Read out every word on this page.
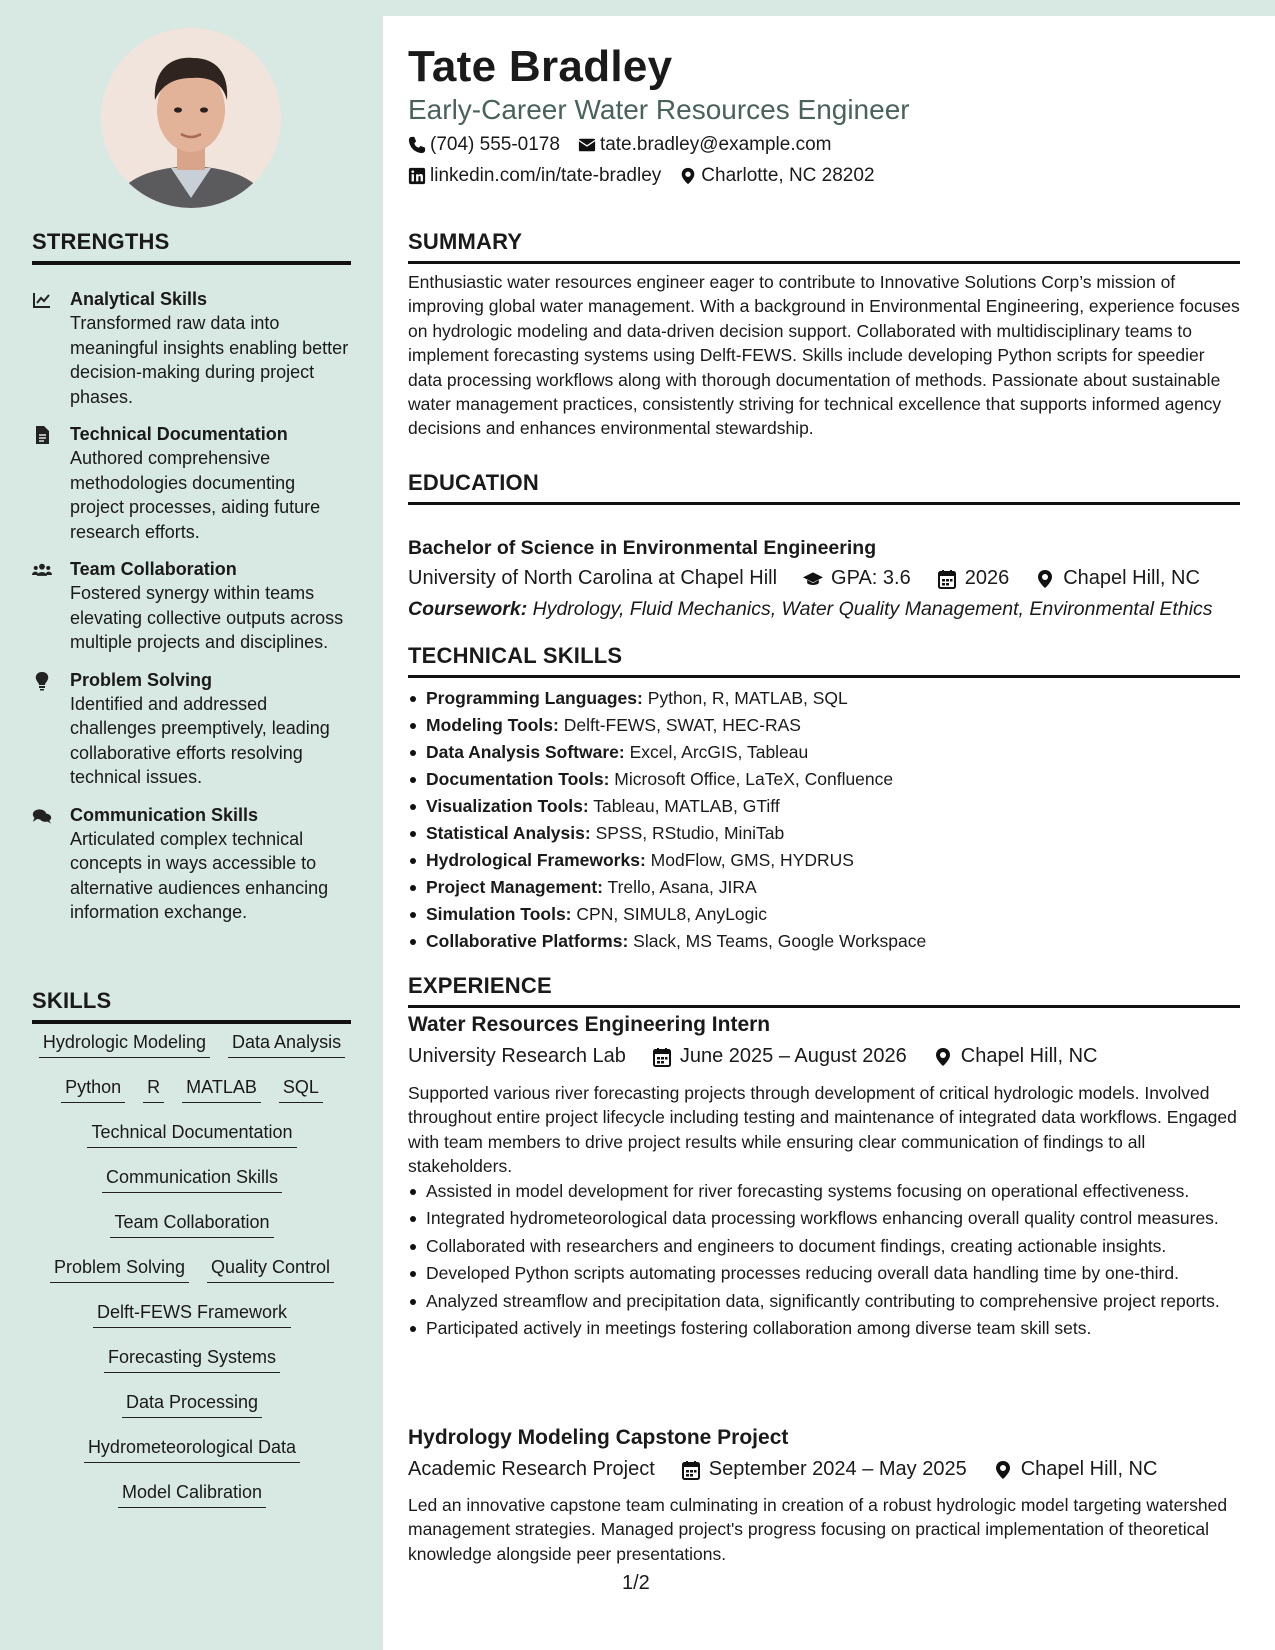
STRENGTHS
Analytical Skills
Transformed raw data into meaningful insights enabling better decision-making during project phases.
Technical Documentation
Authored comprehensive methodologies documenting project processes, aiding future research efforts.
Team Collaboration
Fostered synergy within teams elevating collective outputs across multiple projects and disciplines.
Problem Solving
Identified and addressed challenges preemptively, leading collaborative efforts resolving technical issues.
Communication Skills
Articulated complex technical concepts in ways accessible to alternative audiences enhancing information exchange.
SKILLS
Hydrologic Modeling Data Analysis
Python R MATLAB SQL
Technical Documentation
Communication Skills
Team Collaboration
Problem Solving Quality Control
Delft-FEWS Framework
Forecasting Systems
Data Processing
Hydrometeorological Data
Model Calibration
Tate Bradley
Early-Career Water Resources Engineer
(704) 555-0178 tate.bradley@example.com
linkedin.com/in/tate-bradley Charlotte, NC 28202
SUMMARY

Enthusiastic water resources engineer eager to contribute to Innovative Solutions Corp’s mission of improving global water management. With a background in Environmental Engineering, experience focuses on hydrologic modeling and data-driven decision support. Collaborated with multidisciplinary teams to implement forecasting systems using Delft-FEWS. Skills include developing Python scripts for speedier data processing workflows along with thorough documentation of methods. Passionate about sustainable water management practices, consistently striving for technical excellence that supports informed agency decisions and enhances environmental stewardship.

EDUCATION
Bachelor of Science in Environmental Engineering
University of North Carolina at Chapel Hill	GPA: 3.6	2026	Chapel Hill, NC
Coursework: Hydrology, Fluid Mechanics, Water Quality Management, Environmental Ethics
TECHNICAL SKILLS
Programming Languages: Python, R, MATLAB, SQL
Modeling Tools: Delft-FEWS, SWAT, HEC-RAS
Data Analysis Software: Excel, ArcGIS, Tableau
Documentation Tools: Microsoft Office, LaTeX, Confluence
Visualization Tools: Tableau, MATLAB, GTiff
Statistical Analysis: SPSS, RStudio, MiniTab
Hydrological Frameworks: ModFlow, GMS, HYDRUS
Project Management: Trello, Asana, JIRA
Simulation Tools: CPN, SIMUL8, AnyLogic
Collaborative Platforms: Slack, MS Teams, Google Workspace
EXPERIENCE
Water Resources Engineering Intern
University Research Lab	June 2025 – August 2026	Chapel Hill, NC

Supported various river forecasting projects through development of critical hydrologic models. Involved throughout entire project lifecycle including testing and maintenance of integrated data workflows. Engaged with team members to drive project results while ensuring clear communication of findings to all stakeholders.

Assisted in model development for river forecasting systems focusing on operational effectiveness.
Integrated hydrometeorological data processing workflows enhancing overall quality control measures.
Collaborated with researchers and engineers to document findings, creating actionable insights.
Developed Python scripts automating processes reducing overall data handling time by one-third.
Analyzed streamflow and precipitation data, significantly contributing to comprehensive project reports.
Participated actively in meetings fostering collaboration among diverse team skill sets.
Hydrology Modeling Capstone Project
Academic Research Project	September 2024 – May 2025	Chapel Hill, NC

Led an innovative capstone team culminating in creation of a robust hydrologic model targeting watershed management strategies. Managed project's progress focusing on practical implementation of theoretical knowledge alongside peer presentations.

1/2
